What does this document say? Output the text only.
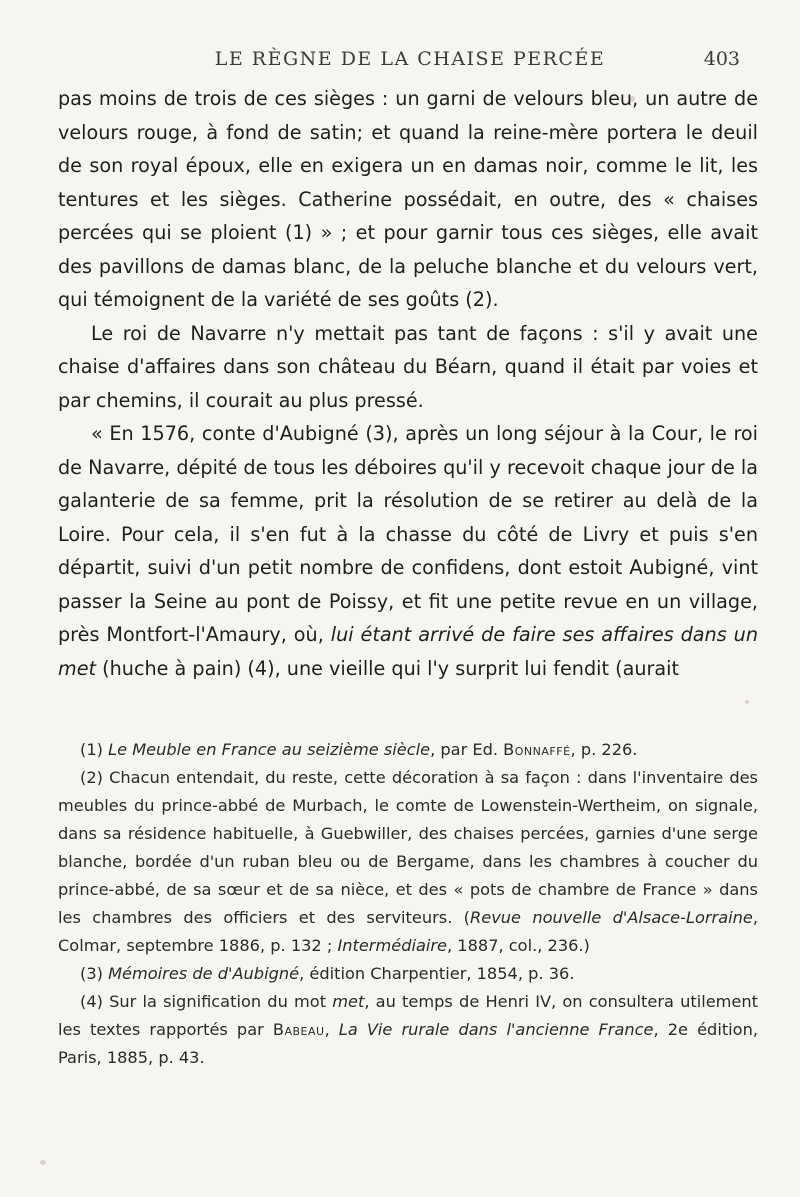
LE RÈGNE DE LA CHAISE PERCÉE	403

pas moins de trois de ces sièges : un garni de velours bleu, un autre de velours rouge, à fond de satin; et quand la reine-mère portera le deuil de son royal époux, elle en exigera un en damas noir, comme le lit, les tentures et les sièges. Catherine possédait, en outre, des « chaises percées qui se ploient (1) » ; et pour garnir tous ces sièges, elle avait des pavillons de damas blanc, de la peluche blanche et du velours vert, qui témoignent de la variété de ses goûts (2).

Le roi de Navarre n'y mettait pas tant de façons : s'il y avait une chaise d'affaires dans son château du Béarn, quand il était par voies et par chemins, il courait au plus pressé.

« En 1576, conte d'Aubigné (3), après un long séjour à la Cour, le roi de Navarre, dépité de tous les déboires qu'il y recevoit chaque jour de la galanterie de sa femme, prit la résolution de se retirer au delà de la Loire. Pour cela, il s'en fut à la chasse du côté de Livry et puis s'en départit, suivi d'un petit nombre de confidens, dont estoit Aubigné, vint passer la Seine au pont de Poissy, et fit une petite revue en un village, près Montfort-l'Amaury, où, lui étant arrivé de faire ses affaires dans un met (huche à pain) (4), une vieille qui l'y surprit lui fendit (aurait

(1) Le Meuble en France au seizième siècle, par Ed. Bonnaffé, p. 226.

(2) Chacun entendait, du reste, cette décoration à sa façon : dans l'inventaire des meubles du prince-abbé de Murbach, le comte de Lowenstein-Wertheim, on signale, dans sa résidence habituelle, à Guebwiller, des chaises percées, garnies d'une serge blanche, bordée d'un ruban bleu ou de Bergame, dans les chambres à coucher du prince-abbé, de sa sœur et de sa nièce, et des « pots de chambre de France » dans les chambres des officiers et des serviteurs. (Revue nouvelle d'Alsace-Lorraine, Colmar, septembre 1886, p. 132 ; Intermédiaire, 1887, col., 236.)

(3) Mémoires de d'Aubigné, édition Charpentier, 1854, p. 36.

(4) Sur la signification du mot met, au temps de Henri IV, on consultera utilement les textes rapportés par Babeau, La Vie rurale dans l'ancienne France, 2e édition, Paris, 1885, p. 43.
